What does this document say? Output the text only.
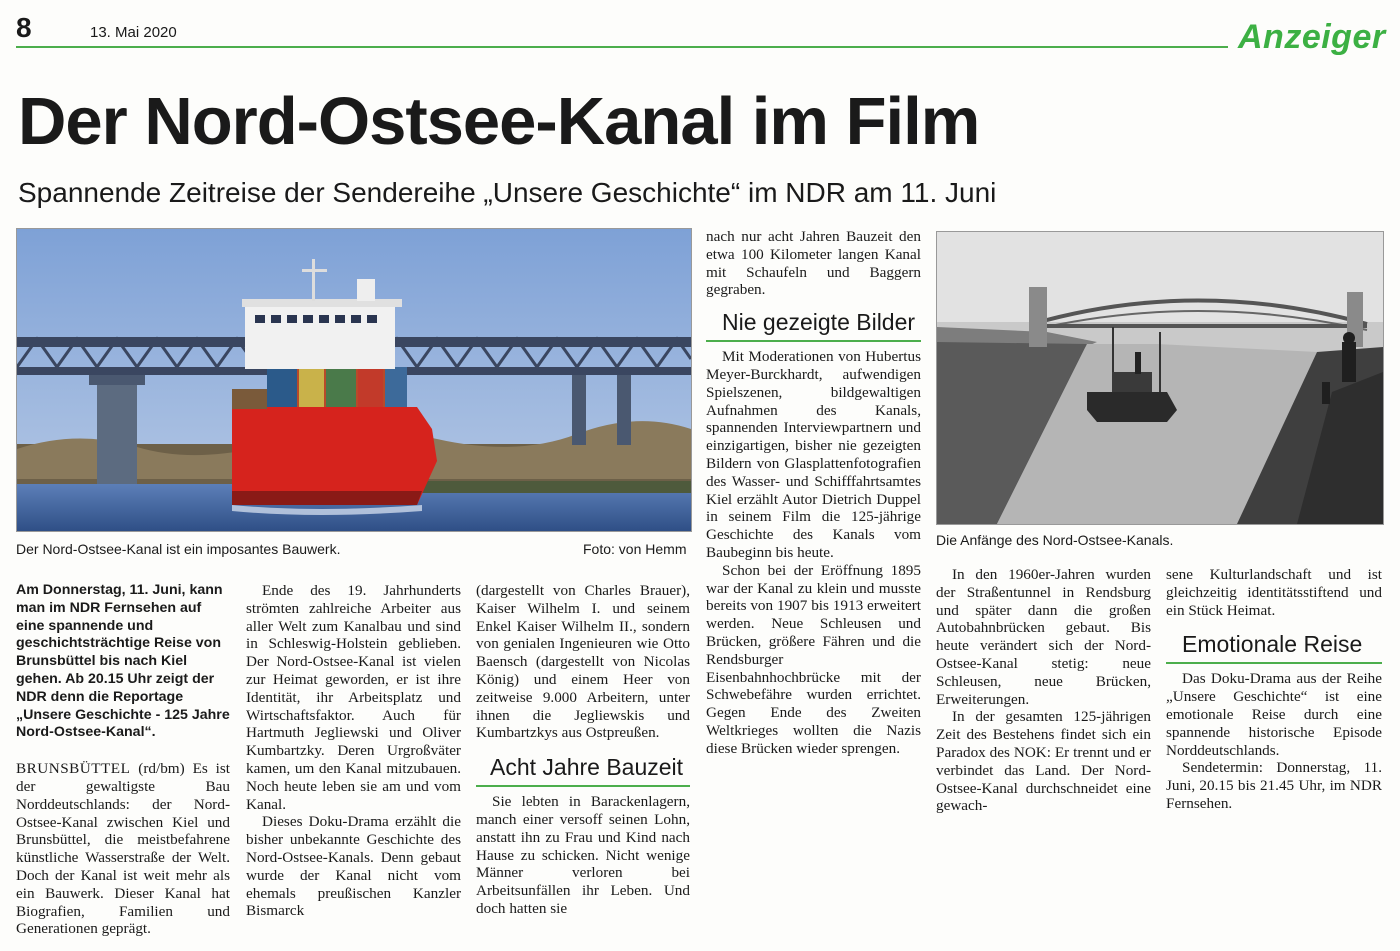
8	13. Mai 2020	Anzeiger
Der Nord-Ostsee-Kanal im Film
Spannende Zeitreise der Sendereihe „Unsere Geschichte“ im NDR am 11. Juni
Der Nord-Ostsee-Kanal ist ein imposantes Bauwerk.	Foto: von Hemm
Die Anfänge des Nord-Ostsee-Kanals.

Am Donnerstag, 11. Juni, kann man im NDR Fernsehen auf eine spannende und geschichtsträchtige Reise von Brunsbüttel bis nach Kiel gehen. Ab 20.15 Uhr zeigt der NDR denn die Reportage „Unsere Geschichte - 125 Jahre Nord-Ostsee-Kanal“.

BRUNSBÜTTEL (rd/bm) Es ist der gewaltigste Bau Norddeutschlands: der Nord-Ostsee-Kanal zwischen Kiel und Brunsbüttel, die meistbefahrene künstliche Wasserstraße der Welt. Doch der Kanal ist weit mehr als ein Bauwerk. Dieser Kanal hat Biografien, Familien und Generationen geprägt.

Ende des 19. Jahrhunderts strömten zahlreiche Arbeiter aus aller Welt zum Kanalbau und sind in Schleswig-Holstein geblieben. Der Nord-Ostsee-Kanal ist vielen zur Heimat geworden, er ist ihre Identität, ihr Arbeitsplatz und Wirtschaftsfaktor. Auch für Hartmuth Jegliewski und Oliver Kumbartzky. Deren Urgroßväter kamen, um den Kanal mitzubauen. Noch heute leben sie am und vom Kanal.

Dieses Doku-Drama erzählt die bisher unbekannte Geschichte des Nord-Ostsee-Kanals. Denn gebaut wurde der Kanal nicht vom ehemals preußischen Kanzler Bismarck

(dargestellt von Charles Brauer), Kaiser Wilhelm I. und seinem Enkel Kaiser Wilhelm II., sondern von genialen Ingenieuren wie Otto Baensch (dargestellt von Nicolas König) und einem Heer von zeitweise 9.000 Arbeitern, unter ihnen die Jegliewskis und Kumbartzkys aus Ostpreußen.

Acht Jahre Bauzeit

Sie lebten in Barackenlagern, manch einer versoff seinen Lohn, anstatt ihn zu Frau und Kind nach Hause zu schicken. Nicht wenige Männer verloren bei Arbeitsunfällen ihr Leben. Und doch hatten sie

nach nur acht Jahren Bauzeit den etwa 100 Kilometer langen Kanal mit Schaufeln und Baggern gegraben.

Nie gezeigte Bilder

Mit Moderationen von Hubertus Meyer-Burckhardt, aufwendigen Spielszenen, bildgewaltigen Aufnahmen des Kanals, spannenden Interviewpartnern und einzigartigen, bisher nie gezeigten Bildern von Glasplattenfotografien des Wasser- und Schifffahrtsamtes Kiel erzählt Autor Dietrich Duppel in seinem Film die 125-jährige Geschichte des Kanals vom Baubeginn bis heute.

Schon bei der Eröffnung 1895 war der Kanal zu klein und musste bereits von 1907 bis 1913 erweitert werden. Neue Schleusen und Brücken, größere Fähren und die Rendsburger Eisenbahnhochbrücke mit der Schwebefähre wurden errichtet. Gegen Ende des Zweiten Weltkrieges wollten die Nazis diese Brücken wieder sprengen.

In den 1960er-Jahren wurden der Straßentunnel in Rendsburg und später dann die großen Autobahnbrücken gebaut. Bis heute verändert sich der Nord-Ostsee-Kanal stetig: neue Schleusen, neue Brücken, Erweiterungen.

In der gesamten 125-jährigen Zeit des Bestehens findet sich ein Paradox des NOK: Er trennt und er verbindet das Land. Der Nord-Ostsee-Kanal durchschneidet eine gewach-

sene Kulturlandschaft und ist gleichzeitig identitätsstiftend und ein Stück Heimat.

Emotionale Reise

Das Doku-Drama aus der Reihe „Unsere Geschichte“ ist eine emotionale Reise durch eine spannende historische Episode Norddeutschlands.

Sendetermin: Donnerstag, 11. Juni, 20.15 bis 21.45 Uhr, im NDR Fernsehen.
